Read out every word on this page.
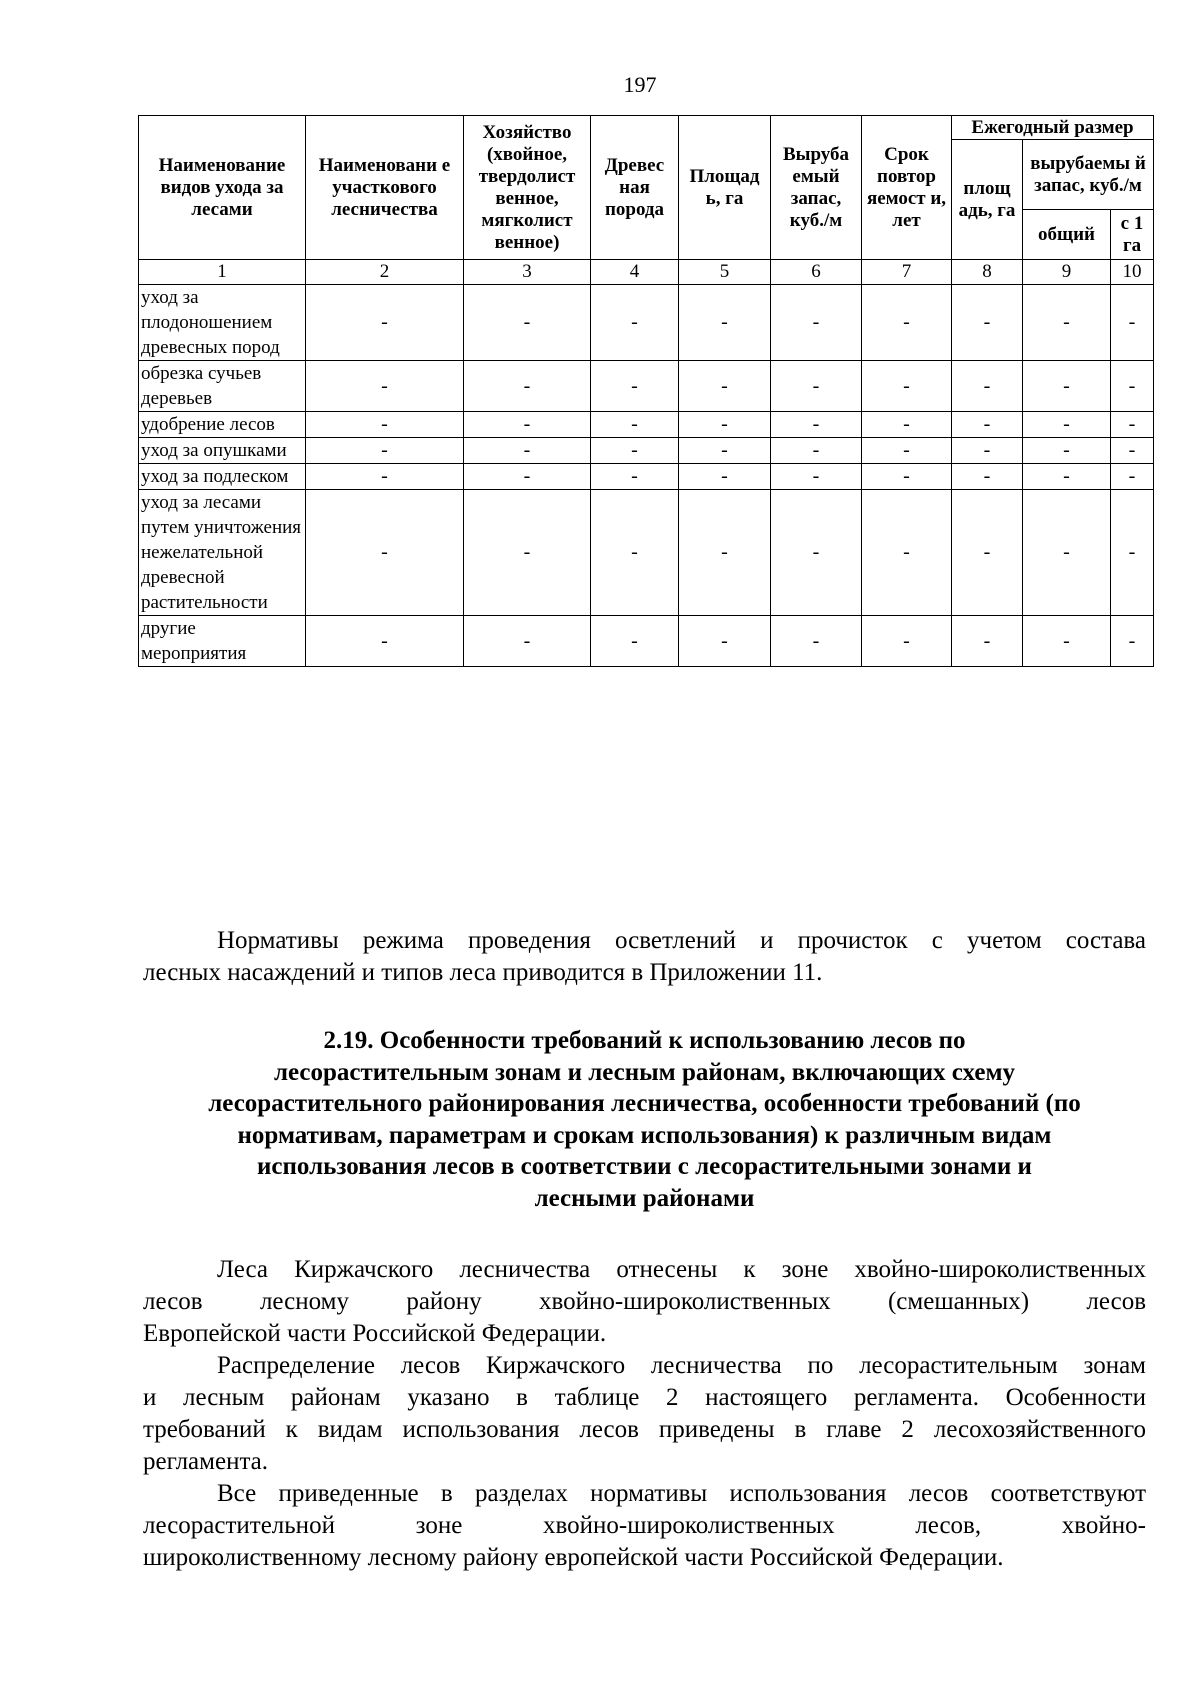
197
Наименование видов ухода за лесами	Наименовани е участкового лесничества	Хозяйство (хвойное, твердолист венное, мягколист венное)	Древес ная порода	Площад ь, га	Выруба емый запас, куб./м	Срок повтор яемост и, лет	Ежегодный размер		
							площ адь, га	вырубаемы й запас, куб./м	
								общий	с 1 га
1	2	3	4	5	6	7	8	9	10
уход за плодоношением древесных пород	-	-	-	-	-	-	-	-	-
обрезка сучьев деревьев	-	-	-	-	-	-	-	-	-
удобрение лесов	-	-	-	-	-	-	-	-	-
уход за опушками	-	-	-	-	-	-	-	-	-
уход за подлеском	-	-	-	-	-	-	-	-	-
уход за лесами путем уничтожения нежелательной древесной растительности	-	-	-	-	-	-	-	-	-
другие мероприятия	-	-	-	-	-	-	-	-	-
Нормативы режима проведения осветлений и прочисток с учетом состава
лесных насаждений и типов леса приводится в Приложении 11.
2.19. Особенности требований к использованию лесов по
лесорастительным зонам и лесным районам, включающих схему
лесорастительного районирования лесничества, особенности требований (по
нормативам, параметрам и срокам использования) к различным видам
использования лесов в соответствии с лесорастительными зонами и
лесными районами
Леса Киржачского лесничества отнесены к зоне хвойно-широколиственных
лесов лесному району хвойно-широколиственных (смешанных) лесов
Европейской части Российской Федерации.
Распределение лесов Киржачского лесничества по лесорастительным зонам
и лесным районам указано в таблице 2 настоящего регламента. Особенности
требований к видам использования лесов приведены в главе 2 лесохозяйственного
регламента.
Все приведенные в разделах нормативы использования лесов соответствуют
лесорастительной зоне хвойно-широколиственных лесов, хвойно-
широколиственному лесному району европейской части Российской Федерации.
